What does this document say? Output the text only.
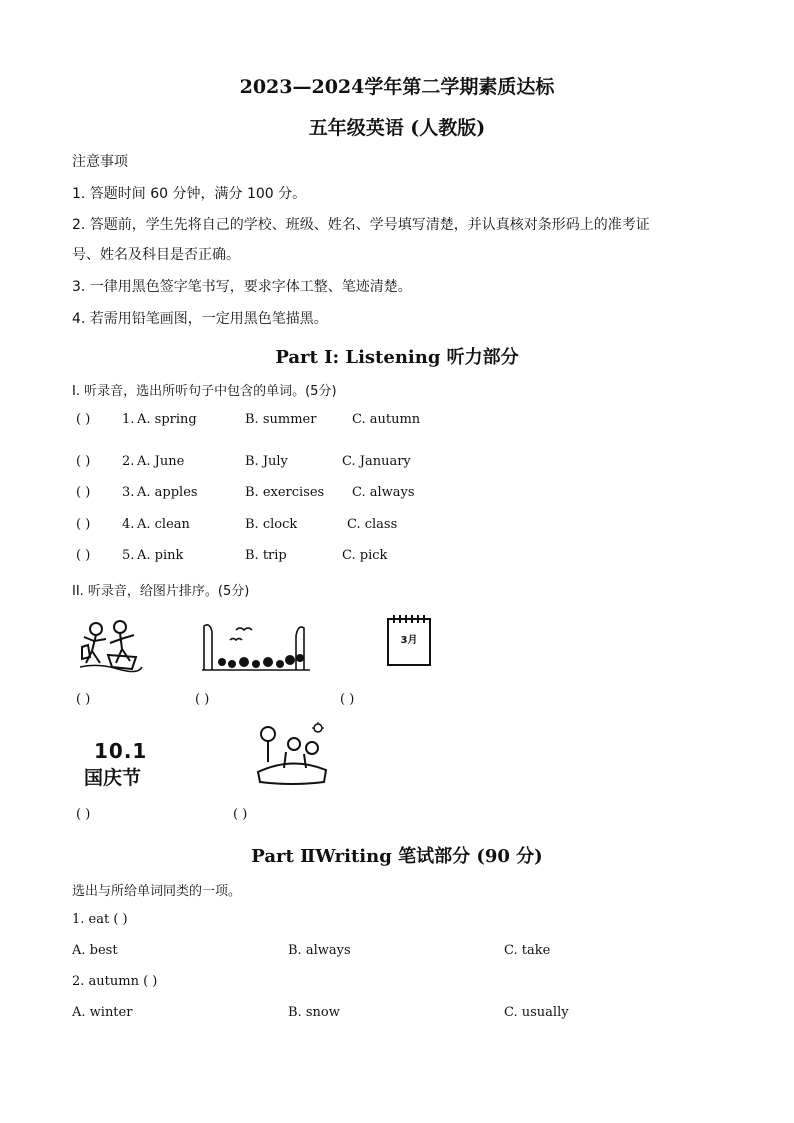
2023—2024学年第二学期素质达标
五年级英语 (人教版)
注意事项
1. 答题时间 60 分钟，满分 100 分。
2. 答题前，学生先将自己的学校、班级、姓名、学号填写清楚，并认真核对条形码上的准考证
号、姓名及科目是否正确。
3. 一律用黑色签字笔书写，要求字体工整、笔迹清楚。
4. 若需用铅笔画图，一定用黑色笔描黑。
Part I: Listening 听力部分
I. 听录音，选出所听句子中包含的单词。(5分)
( ) 1. A. spring	B. summer	C. autumn
( ) 2. A. June	B. July	C. January
( ) 3. A. apples	B. exercises C. always
( ) 4. A. clean	B. clock	C. class
( ) 5. A. pink	B. trip	C. pick
II. 听录音，给图片排序。(5分)
3月
( )	( )	( )
10.1
国庆节
( )	( )
Part ⅡWriting 笔试部分 (90 分)
选出与所给单词同类的一项。
1. eat ( )
A. best	B. always	C. take
2. autumn ( )
A. winter	B. snow	C. usually
